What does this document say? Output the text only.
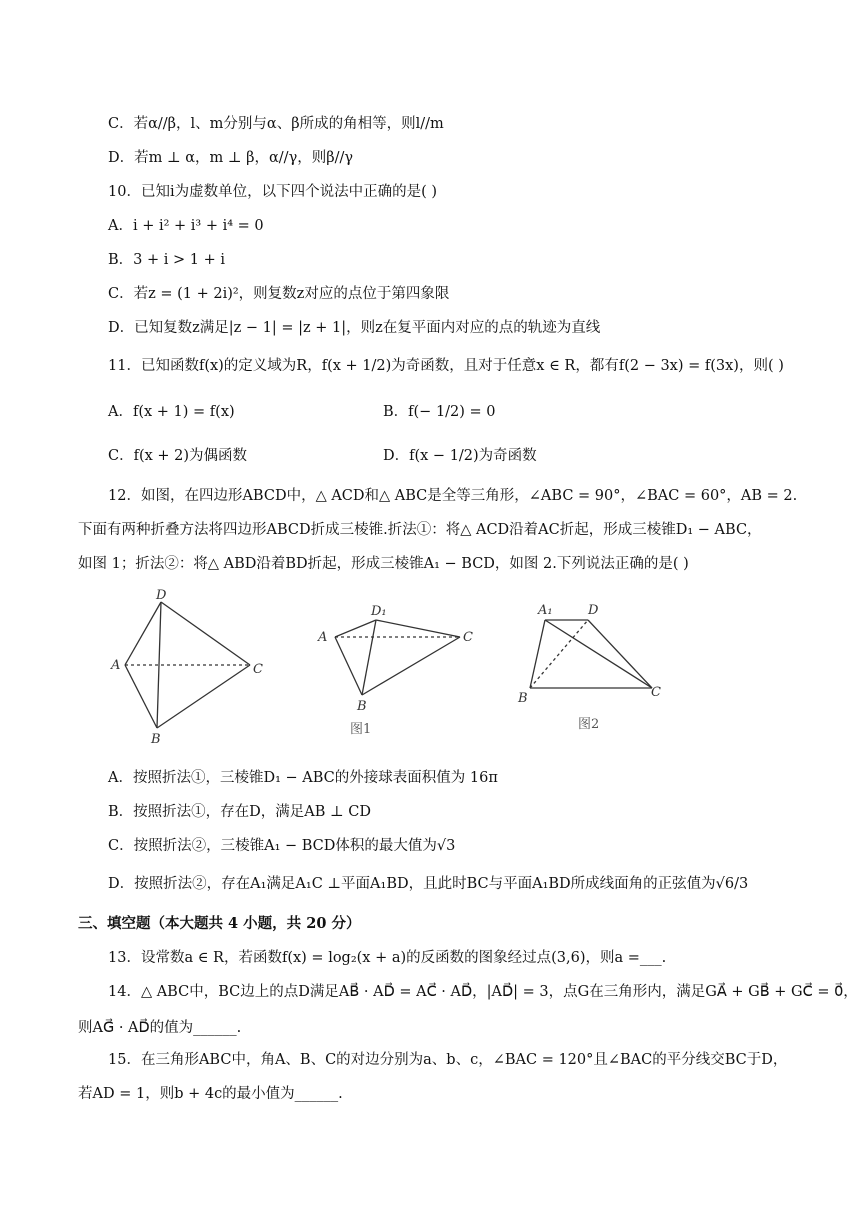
C．若α//β，l、m分别与α、β所成的角相等，则l//m
D．若m ⊥ α，m ⊥ β，α//γ，则β//γ
10．已知i为虚数单位，以下四个说法中正确的是( )
A．i + i² + i³ + i⁴ = 0
B．3 + i > 1 + i
C．若z = (1 + 2i)²，则复数z对应的点位于第四象限
D．已知复数z满足|z − 1| = |z + 1|，则z在复平面内对应的点的轨迹为直线
11．已知函数f(x)的定义域为R，f(x + 1/2)为奇函数，且对于任意x ∈ R，都有f(2 − 3x) = f(3x)，则( )
A．f(x + 1) = f(x)	B．f(− 1/2) = 0
C．f(x + 2)为偶函数	D．f(x − 1/2)为奇函数
12．如图，在四边形ABCD中，△ ACD和△ ABC是全等三角形，∠ABC = 90°，∠BAC = 60°，AB = 2.
下面有两种折叠方法将四边形ABCD折成三棱锥.折法①：将△ ACD沿着AC折起，形成三棱锥D₁ − ABC，
如图 1；折法②：将△ ABD沿着BD折起，形成三棱锥A₁ − BCD，如图 2.下列说法正确的是( )
D
A	C
B
D₁
A	C
B
图1
A₁	D
B	C
图2
A．按照折法①，三棱锥D₁ − ABC的外接球表面积值为 16π
B．按照折法①，存在D，满足AB ⊥ CD
C．按照折法②，三棱锥A₁ − BCD体积的最大值为√3
D．按照折法②，存在A₁满足A₁C ⊥平面A₁BD，且此时BC与平面A₁BD所成线面角的正弦值为√6/3
三、填空题（本大题共 4 小题，共 20 分）
13．设常数a ∈ R，若函数f(x) = log₂(x + a)的反函数的图象经过点(3,6)，则a =___.
14．△ ABC中，BC边上的点D满足AB⃗ · AD⃗ = AC⃗ · AD⃗，|AD⃗| = 3，点G在三角形内，满足GA⃗ + GB⃗ + GC⃗ = 0⃗，
则AG⃗ · AD⃗的值为______.
15．在三角形ABC中，角A、B、C的对边分别为a、b、c，∠BAC = 120°且∠BAC的平分线交BC于D，
若AD = 1，则b + 4c的最小值为______.
